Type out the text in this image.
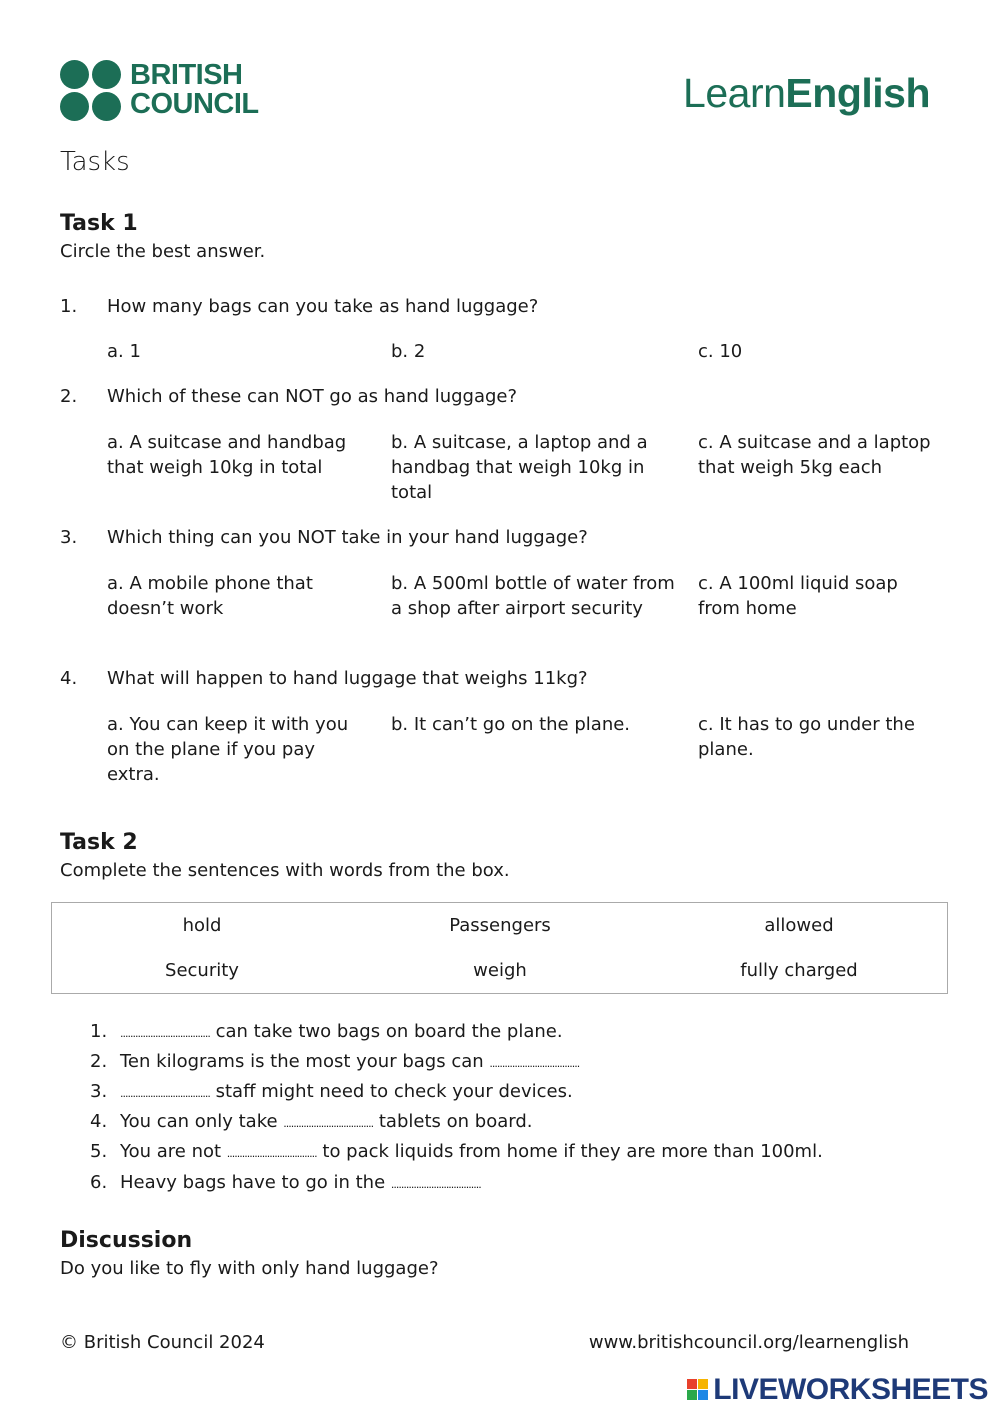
BRITISH
COUNCIL	LearnEnglish
Tasks
Task 1
Circle the best answer.
1. How many bags can you take as hand luggage?
a. 1	b. 2	c. 10
2. Which of these can NOT go as hand luggage?
a. A suitcase and handbag that weigh 10kg in total
b. A suitcase, a laptop and a handbag that weigh 10kg in total
c. A suitcase and a laptop that weigh 5kg each
3. Which thing can you NOT take in your hand luggage?
a. A mobile phone that doesn’t work
b. A 500ml bottle of water from a shop after airport security
c. A 100ml liquid soap from home
4. What will happen to hand luggage that weighs 11kg?
a. You can keep it with you on the plane if you pay extra.
b. It can’t go on the plane.	c. It has to go under the plane.
Task 2
Complete the sentences with words from the box.
hold	Passengers	allowed
Security	weigh	fully charged
1. .................................... can take two bags on board the plane.
2. Ten kilograms is the most your bags can ....................................
3. .................................... staff might need to check your devices.
4. You can only take .................................... tablets on board.
5. You are not .................................... to pack liquids from home if they are more than 100ml.
6. Heavy bags have to go in the ....................................
Discussion
Do you like to fly with only hand luggage?
© British Council 2024	www.britishcouncil.org/learnenglish
LIVEWORKSHEETS
